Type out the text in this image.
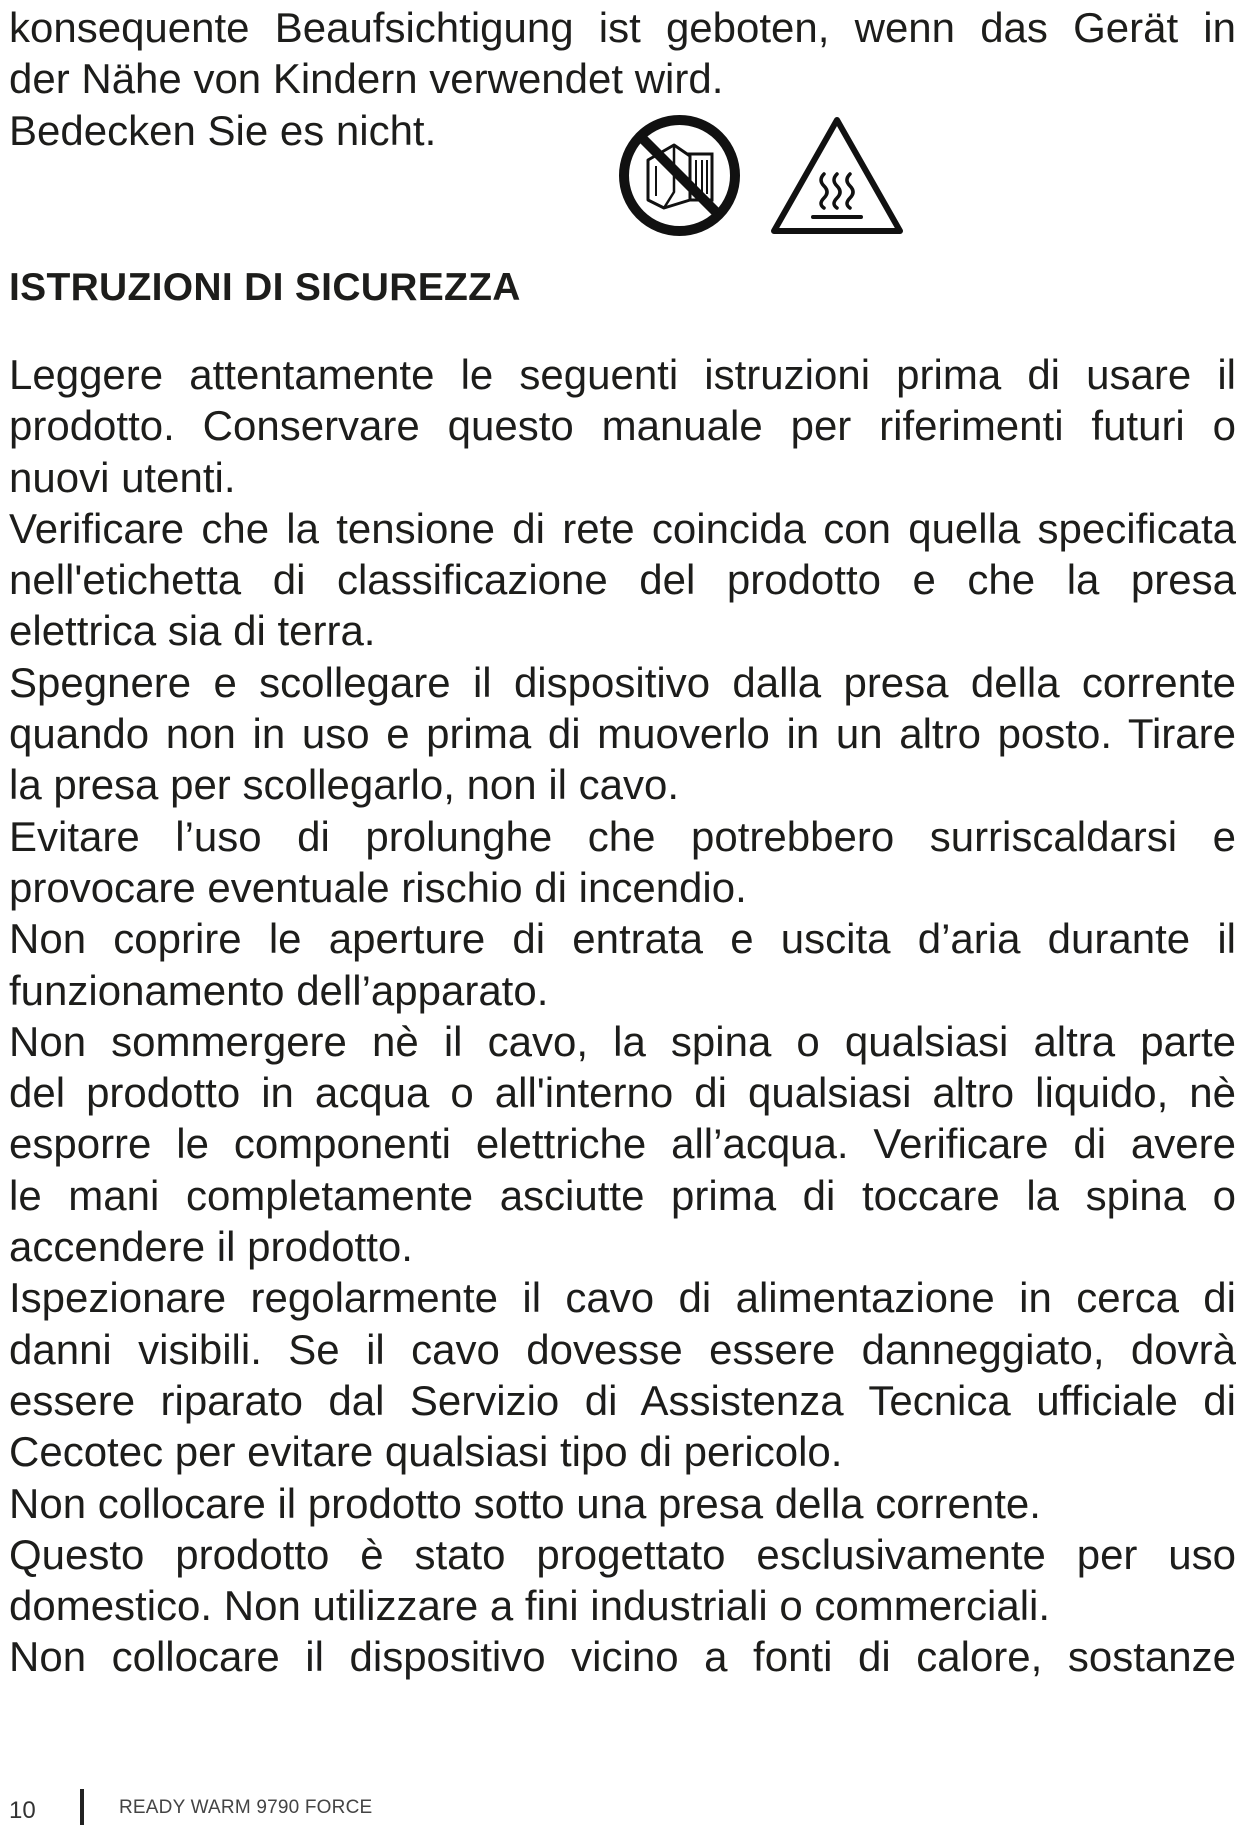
konsequente Beaufsichtigung ist geboten, wenn das Gerät in
der Nähe von Kindern verwendet wird.
Bedecken Sie es nicht.
ISTRUZIONI DI SICUREZZA
Leggere attentamente le seguenti istruzioni prima di usare il
prodotto. Conservare questo manuale per riferimenti futuri o
nuovi utenti.
Verificare che la tensione di rete coincida con quella specificata
nell'etichetta di classificazione del prodotto e che la presa
elettrica sia di terra.
Spegnere e scollegare il dispositivo dalla presa della corrente
quando non in uso e prima di muoverlo in un altro posto. Tirare
la presa per scollegarlo, non il cavo.
Evitare l’uso di prolunghe che potrebbero surriscaldarsi e
provocare eventuale rischio di incendio.
Non coprire le aperture di entrata e uscita d’aria durante il
funzionamento dell’apparato.
Non sommergere nè il cavo, la spina o qualsiasi altra parte
del prodotto in acqua o all'interno di qualsiasi altro liquido, nè
esporre le componenti elettriche all’acqua. Verificare di avere
le mani completamente asciutte prima di toccare la spina o
accendere il prodotto.
Ispezionare regolarmente il cavo di alimentazione in cerca di
danni visibili. Se il cavo dovesse essere danneggiato, dovrà
essere riparato dal Servizio di Assistenza Tecnica ufficiale di
Cecotec per evitare qualsiasi tipo di pericolo.
Non collocare il prodotto sotto una presa della corrente.
Questo prodotto è stato progettato esclusivamente per uso
domestico. Non utilizzare a fini industriali o commerciali.
Non collocare il dispositivo vicino a fonti di calore, sostanze
10	READY WARM 9790 FORCE
